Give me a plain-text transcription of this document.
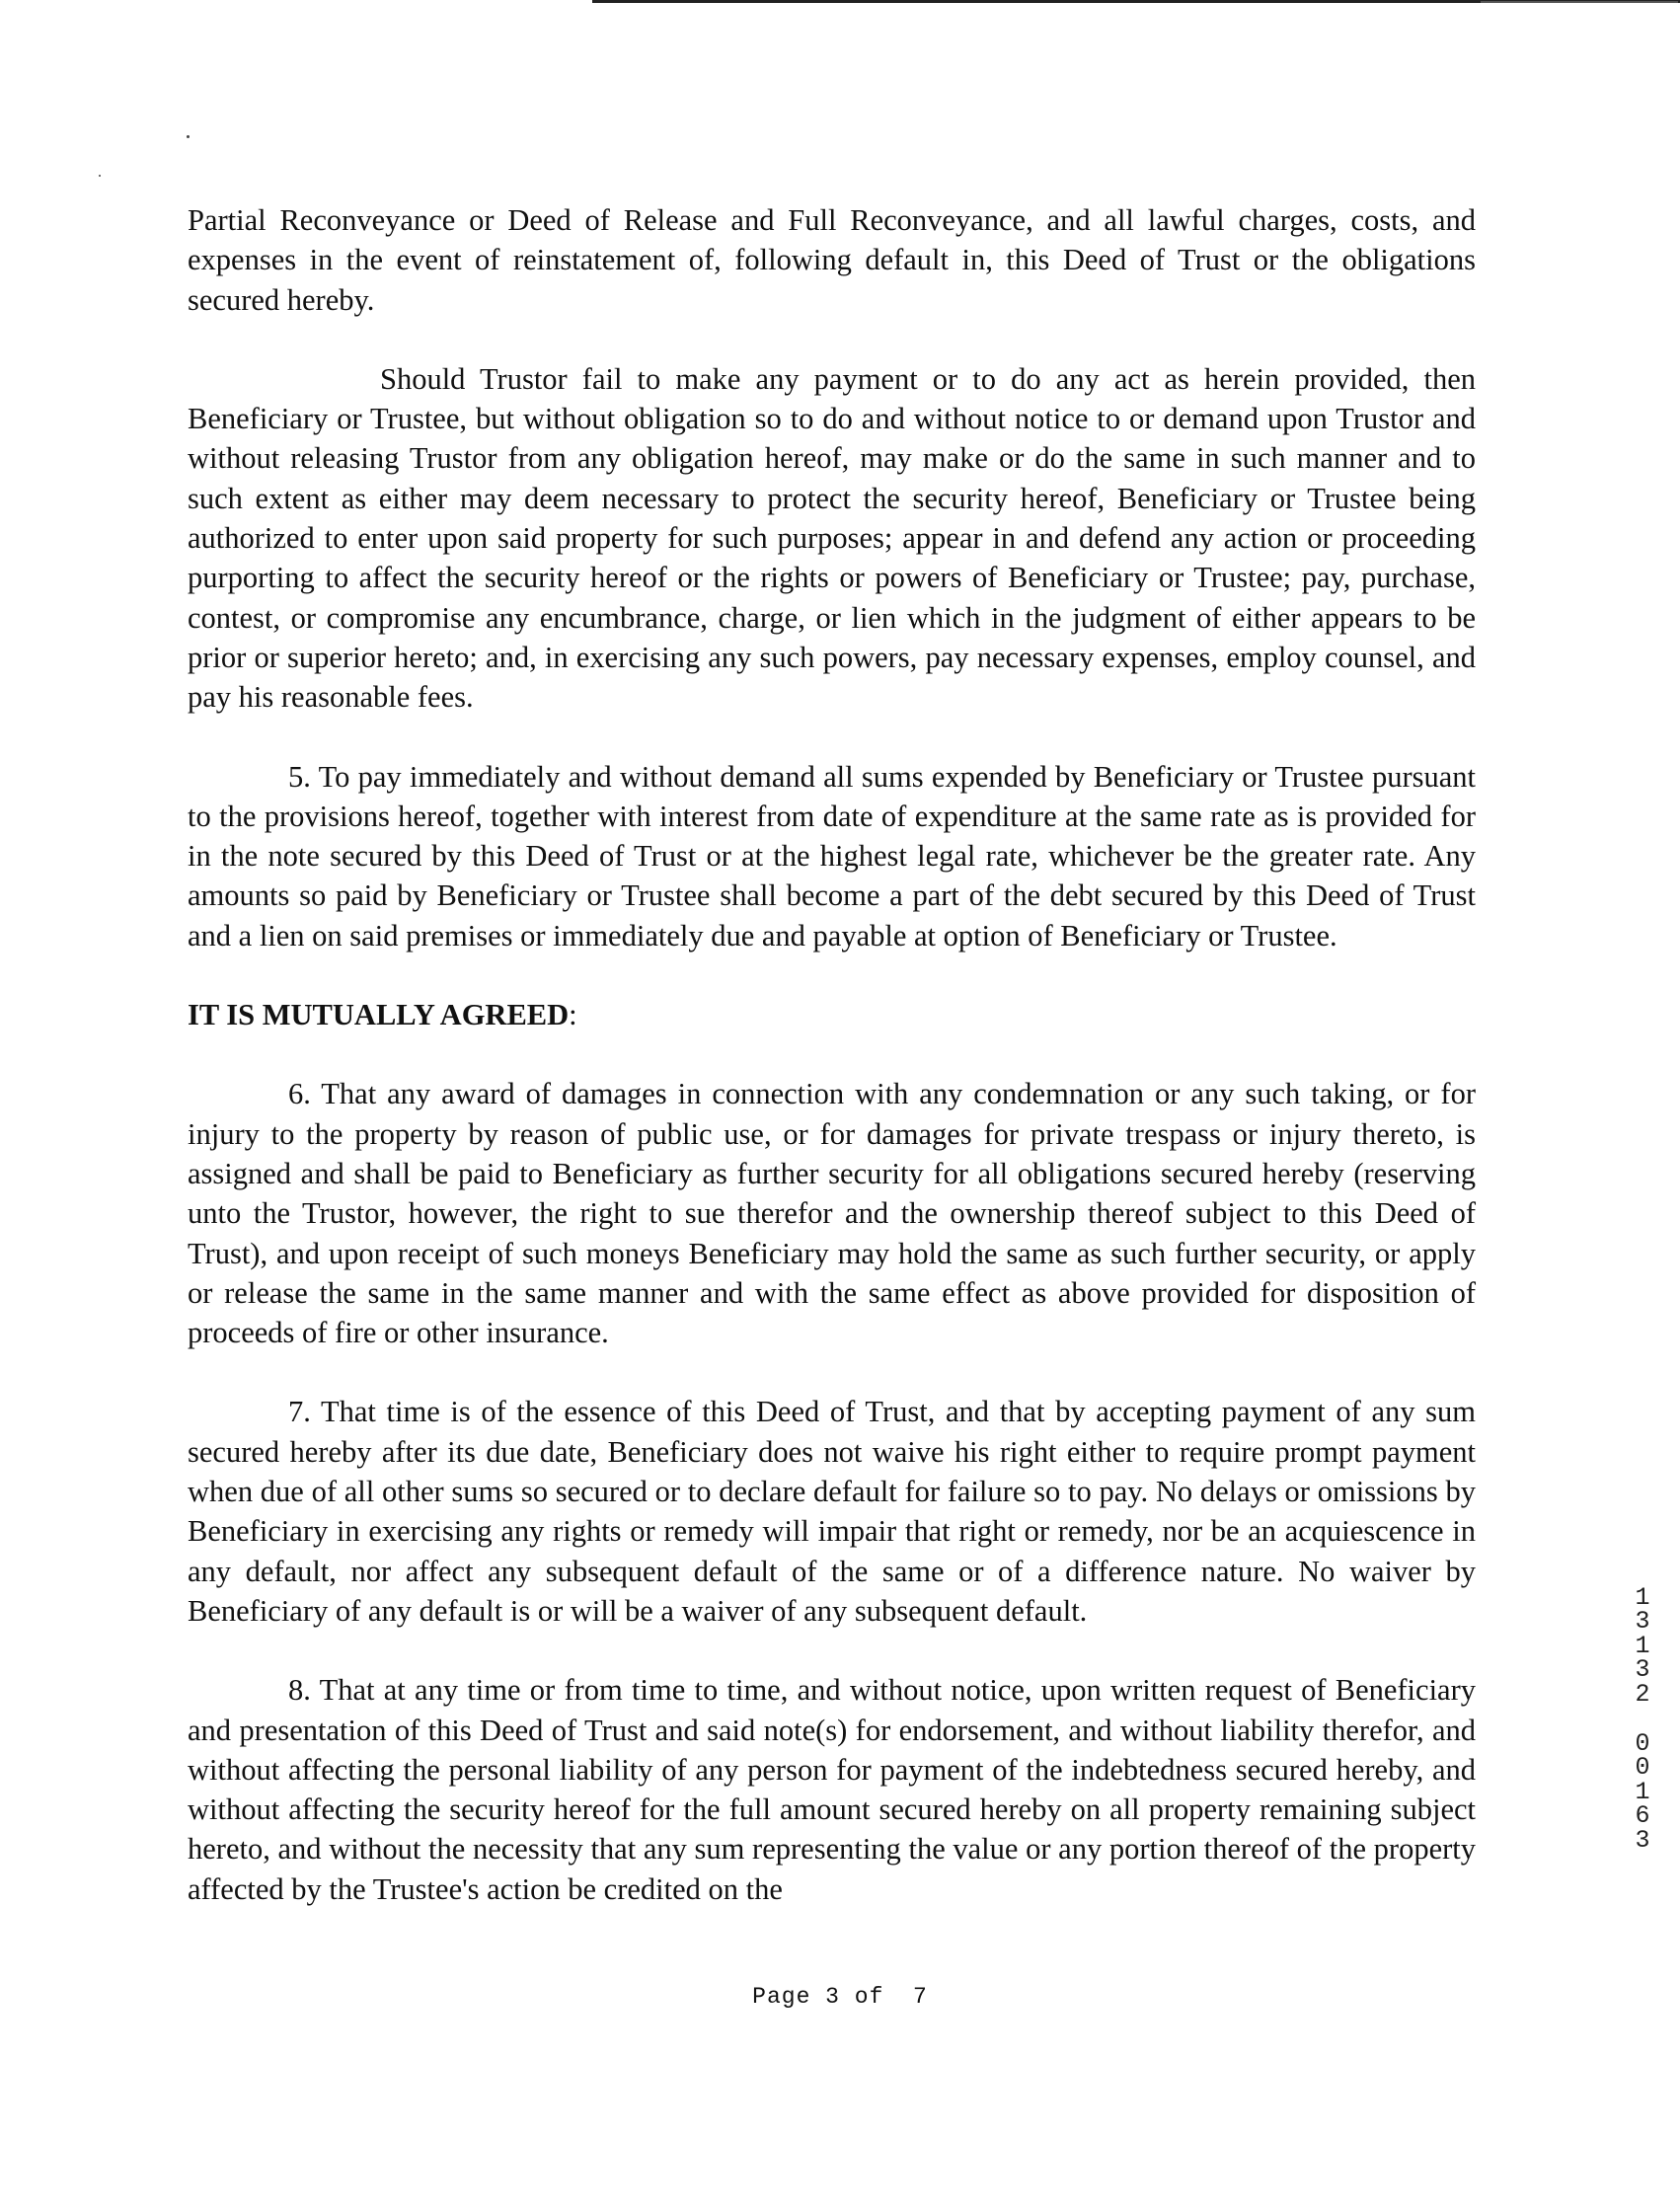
Partial Reconveyance or Deed of Release and Full Reconveyance, and all lawful charges, costs, and expenses in the event of reinstatement of, following default in, this Deed of Trust or the obligations secured hereby.

Should Trustor fail to make any payment or to do any act as herein provided, then Beneficiary or Trustee, but without obligation so to do and without notice to or demand upon Trustor and without releasing Trustor from any obligation hereof, may make or do the same in such manner and to such extent as either may deem necessary to protect the security hereof, Beneficiary or Trustee being authorized to enter upon said property for such purposes; appear in and defend any action or proceeding purporting to affect the security hereof or the rights or powers of Beneficiary or Trustee; pay, purchase, contest, or compromise any encumbrance, charge, or lien which in the judgment of either appears to be prior or superior hereto; and, in exercising any such powers, pay necessary expenses, employ counsel, and pay his reasonable fees.

5. To pay immediately and without demand all sums expended by Beneficiary or Trustee pursuant to the provisions hereof, together with interest from date of expenditure at the same rate as is provided for in the note secured by this Deed of Trust or at the highest legal rate, whichever be the greater rate. Any amounts so paid by Beneficiary or Trustee shall become a part of the debt secured by this Deed of Trust and a lien on said premises or immediately due and payable at option of Beneficiary or Trustee.

IT IS MUTUALLY AGREED:

6. That any award of damages in connection with any condemnation or any such taking, or for injury to the property by reason of public use, or for damages for private trespass or injury thereto, is assigned and shall be paid to Beneficiary as further security for all obligations secured hereby (reserving unto the Trustor, however, the right to sue therefor and the ownership thereof subject to this Deed of Trust), and upon receipt of such moneys Beneficiary may hold the same as such further security, or apply or release the same in the same manner and with the same effect as above provided for disposition of proceeds of fire or other insurance.

7. That time is of the essence of this Deed of Trust, and that by accepting payment of any sum secured hereby after its due date, Beneficiary does not waive his right either to require prompt payment when due of all other sums so secured or to declare default for failure so to pay. No delays or omissions by Beneficiary in exercising any rights or remedy will impair that right or remedy, nor be an acquiescence in any default, nor affect any subsequent default of the same or of a difference nature. No waiver by Beneficiary of any default is or will be a waiver of any subsequent default.

8. That at any time or from time to time, and without notice, upon written request of Beneficiary and presentation of this Deed of Trust and said note(s) for endorsement, and without liability therefor, and without affecting the personal liability of any person for payment of the indebtedness secured hereby, and without affecting the security hereof for the full amount secured hereby on all property remaining subject hereto, and without the necessity that any sum representing the value or any portion thereof of the property affected by the Trustee's action be credited on the

Page 3 of  7
1
3
1
3
2
0
0
1
6
3
